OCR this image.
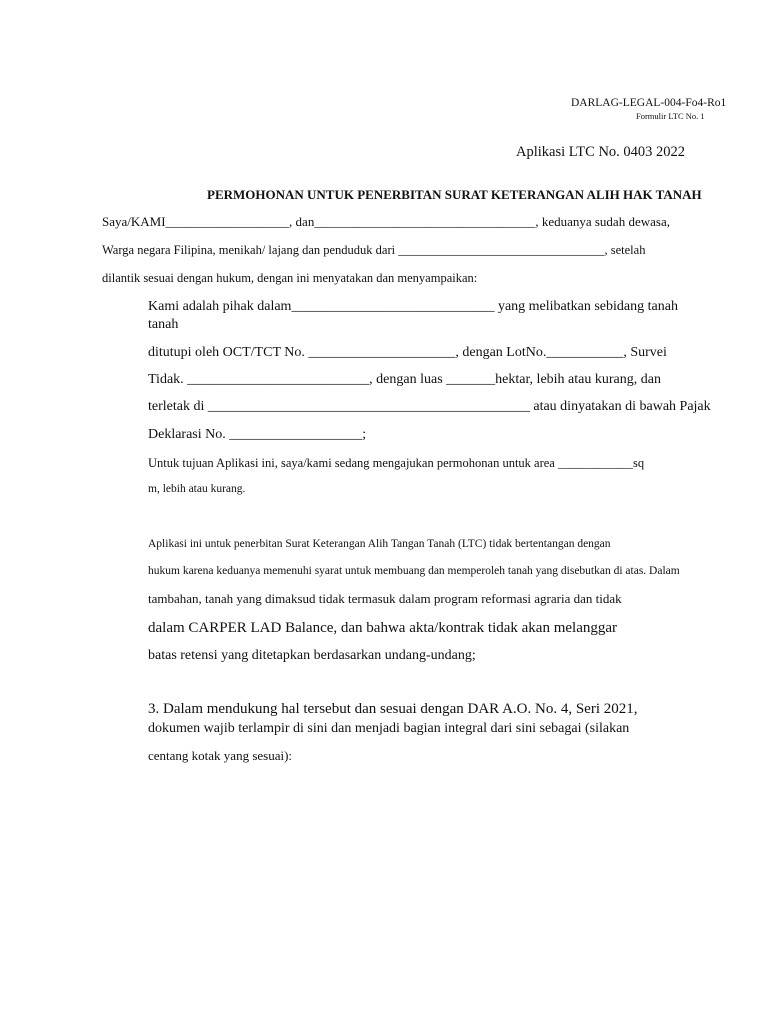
DARLAG-LEGAL-004-Fo4-Ro1
Formulir LTC No. 1
Aplikasi LTC No. 0403 2022
PERMOHONAN UNTUK PENERBITAN SURAT KETERANGAN ALIH HAK TANAH
Saya/KAMI___________________, dan__________________________________, keduanya sudah dewasa,
Warga negara Filipina, menikah/ lajang dan penduduk dari _________________________________, setelah
dilantik sesuai dengan hukum, dengan ini menyatakan dan menyampaikan:
Kami adalah pihak dalam_____________________________ yang melibatkan sebidang tanah
tanah
ditutupi oleh OCT/TCT No. _____________________, dengan LotNo.___________, Survei
Tidak. __________________________, dengan luas _______hektar, lebih atau kurang, dan
terletak di ______________________________________________ atau dinyatakan di bawah Pajak
Deklarasi No. ___________________;
Untuk tujuan Aplikasi ini, saya/kami sedang mengajukan permohonan untuk area ____________sq
m, lebih atau kurang.
Aplikasi ini untuk penerbitan Surat Keterangan Alih Tangan Tanah (LTC) tidak bertentangan dengan
hukum karena keduanya memenuhi syarat untuk membuang dan memperoleh tanah yang disebutkan di atas. Dalam
tambahan, tanah yang dimaksud tidak termasuk dalam program reformasi agraria dan tidak
dalam CARPER LAD Balance, dan bahwa akta/kontrak tidak akan melanggar
batas retensi yang ditetapkan berdasarkan undang-undang;
3. Dalam mendukung hal tersebut dan sesuai dengan DAR A.O. No. 4, Seri 2021,
dokumen wajib terlampir di sini dan menjadi bagian integral dari sini sebagai (silakan
centang kotak yang sesuai):
